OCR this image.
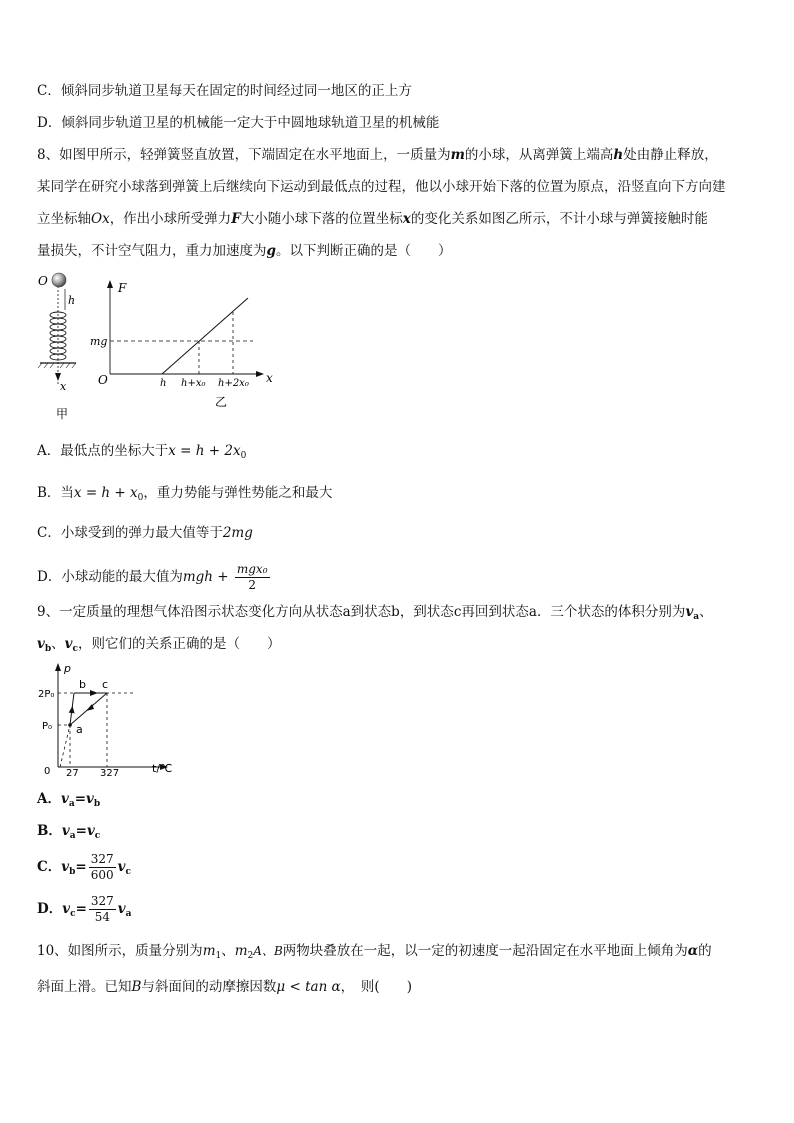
C．倾斜同步轨道卫星每天在固定的时间经过同一地区的正上方
D．倾斜同步轨道卫星的机械能一定大于中圆地球轨道卫星的机械能
8、如图甲所示，轻弹簧竖直放置，下端固定在水平地面上，一质量为m的小球，从离弹簧上端高h处由静止释放，
某同学在研究小球落到弹簧上后继续向下运动到最低点的过程，他以小球开始下落的位置为原点，沿竖直向下方向建
立坐标轴Ox，作出小球所受弹力F大小随小球下落的位置坐标x的变化关系如图乙所示，不计小球与弹簧接触时能
量损失，不计空气阻力，重力加速度为g。以下判断正确的是（　　）
O
h
x
甲
F
x
O
mg
h h+x₀ h+2x₀
乙
A．最低点的坐标大于$x = h + 2x_0$
B．当$x = h + x_0$，重力势能与弹性势能之和最大
C．小球受到的弹力最大值等于2mg
D．小球动能的最大值为mgh + $\frac{\text{mgx₀}}{2}$
9、一定质量的理想气体沿图示状态变化方向从状态a到状态b，到状态c再回到状态a．三个状态的体积分别为$v_a$、
$v_b$、$v_c$，则它们的关系正确的是（　　）
p
t/℃
0
2P₀
P₀
27 327
a
b c
A．$v_a=v_b$
B．$v_a=v_c$
C．$v_b= \frac{327}{600} v_c$
D．$v_c= \frac{327}{54} v_a$
10、如图所示，质量分别为$m_1$、$m_2A$、B两物块叠放在一起，以一定的初速度一起沿固定在水平地面上倾角为α的
斜面上滑。已知B与斜面间的动摩擦因数μ < tan α，　则(　　)
